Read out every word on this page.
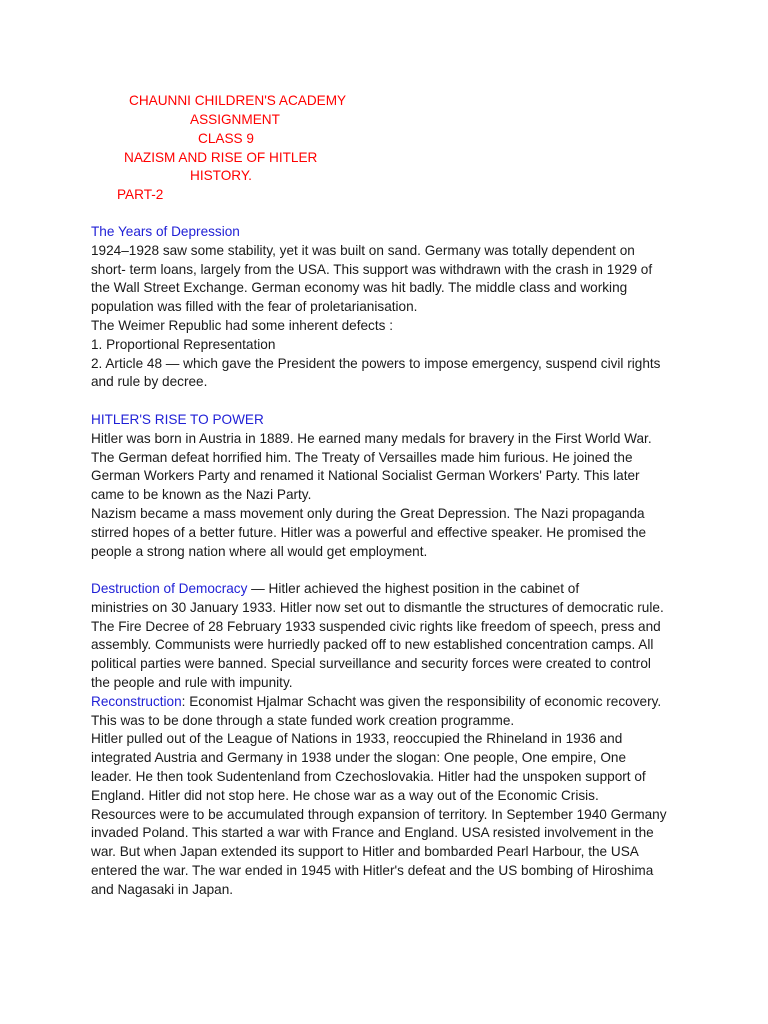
CHAUNNI CHILDREN'S ACADEMY
ASSIGNMENT
CLASS 9
NAZISM AND RISE OF HITLER
HISTORY.
PART-2
The Years of Depression
1924–1928 saw some stability, yet it was built on sand. Germany was totally dependent on
short- term loans, largely from the USA. This support was withdrawn with the crash in 1929 of
the Wall Street Exchange. German economy was hit badly. The middle class and working
population was filled with the fear of proletarianisation.
The Weimer Republic had some inherent defects :
1. Proportional Representation
2. Article 48 — which gave the President the powers to impose emergency, suspend civil rights
and rule by decree.
HITLER'S RISE TO POWER
Hitler was born in Austria in 1889. He earned many medals for bravery in the First World War.
The German defeat horrified him. The Treaty of Versailles made him furious. He joined the
German Workers Party and renamed it National Socialist German Workers' Party. This later
came to be known as the Nazi Party.
Nazism became a mass movement only during the Great Depression. The Nazi propaganda
stirred hopes of a better future. Hitler was a powerful and effective speaker. He promised the
people a strong nation where all would get employment.
Destruction of Democracy — Hitler achieved the highest position in the cabinet of
ministries on 30 January 1933. Hitler now set out to dismantle the structures of democratic rule.
The Fire Decree of 28 February 1933 suspended civic rights like freedom of speech, press and
assembly. Communists were hurriedly packed off to new established concentration camps. All
political parties were banned. Special surveillance and security forces were created to control
the people and rule with impunity.
Reconstruction: Economist Hjalmar Schacht was given the responsibility of economic recovery.
This was to be done through a state funded work creation programme.
Hitler pulled out of the League of Nations in 1933, reoccupied the Rhineland in 1936 and
integrated Austria and Germany in 1938 under the slogan: One people, One empire, One
leader. He then took Sudentenland from Czechoslovakia. Hitler had the unspoken support of
England. Hitler did not stop here. He chose war as a way out of the Economic Crisis.
Resources were to be accumulated through expansion of territory. In September 1940 Germany
invaded Poland. This started a war with France and England. USA resisted involvement in the
war. But when Japan extended its support to Hitler and bombarded Pearl Harbour, the USA
entered the war. The war ended in 1945 with Hitler's defeat and the US bombing of Hiroshima
and Nagasaki in Japan.
